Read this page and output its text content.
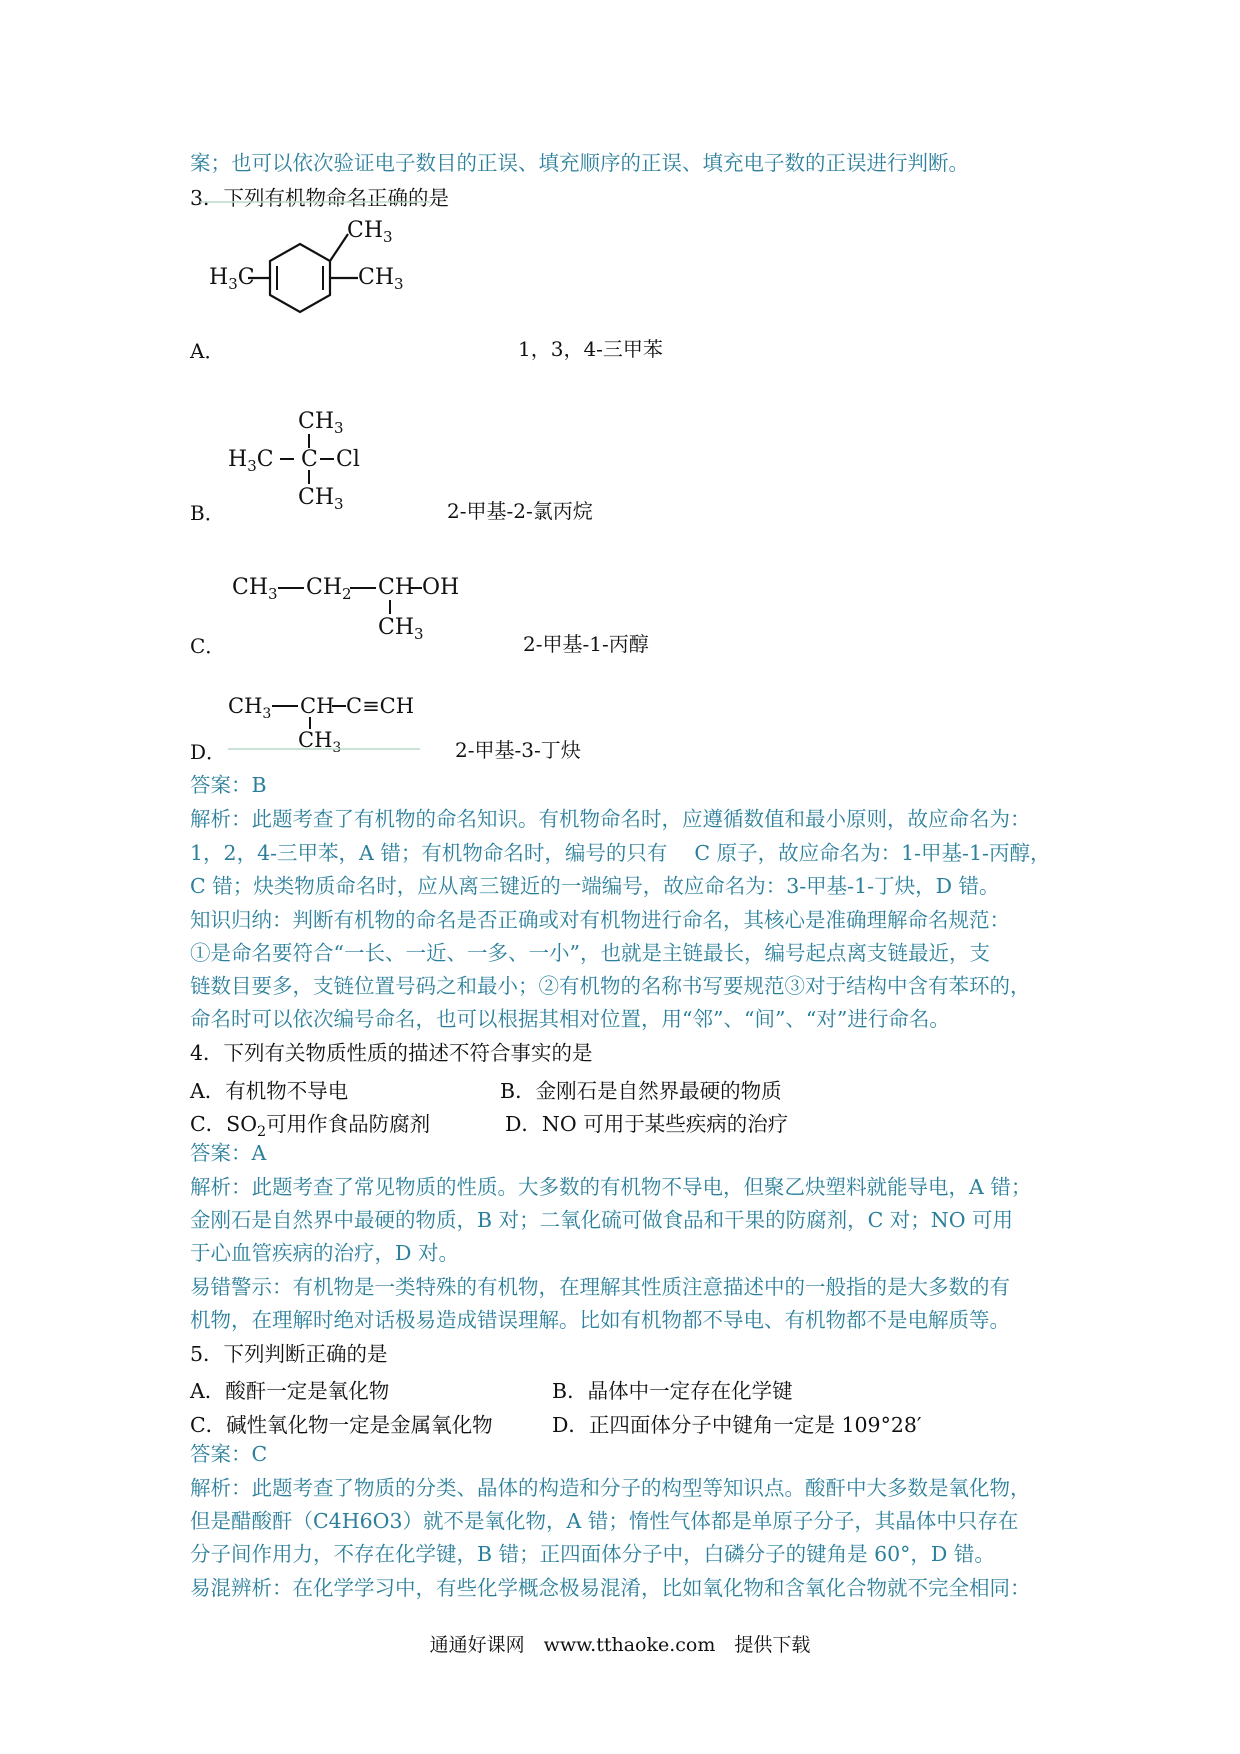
案；也可以依次验证电子数目的正误、填充顺序的正误、填充电子数的正误进行判断。
3．下列有机物命名正确的是
$CH_3$
$CH_3$
$H_3C$
A．	1，3，4-三甲苯
$CH_3$
$H_3C$ C Cl
$CH_3$
B．	2-甲基-2-氯丙烷
$CH_3$ $CH_2$ CH OH
$CH_3$
C．	2-甲基-1-丙醇
$CH_3$ CH C≡CH
$CH_3$
D．	2-甲基-3-丁炔
答案：B
解析：此题考查了有机物的命名知识。有机物命名时，应遵循数值和最小原则，故应命名为：
1，2，4-三甲苯，A 错；有机物命名时，编号的只有　 C 原子，故应命名为：1-甲基-1-丙醇，
C 错；炔类物质命名时，应从离三键近的一端编号，故应命名为：3-甲基-1-丁炔，D 错。
知识归纳：判断有机物的命名是否正确或对有机物进行命名，其核心是准确理解命名规范：
①是命名要符合“一长、一近、一多、一小”，也就是主链最长，编号起点离支链最近，支
链数目要多，支链位置号码之和最小；②有机物的名称书写要规范③对于结构中含有苯环的，
命名时可以依次编号命名，也可以根据其相对位置，用“邻”、“间”、“对”进行命名。
4．下列有关物质性质的描述不符合事实的是
A．有机物不导电	B．金刚石是自然界最硬的物质
C．$SO_2$可用作食品防腐剂	D．NO 可用于某些疾病的治疗
答案：A
解析：此题考查了常见物质的性质。大多数的有机物不导电，但聚乙炔塑料就能导电，A 错；
金刚石是自然界中最硬的物质，B 对；二氧化硫可做食品和干果的防腐剂，C 对；NO 可用
于心血管疾病的治疗，D 对。
易错警示：有机物是一类特殊的有机物，在理解其性质注意描述中的一般指的是大多数的有
机物，在理解时绝对话极易造成错误理解。比如有机物都不导电、有机物都不是电解质等。
5．下列判断正确的是
A．酸酐一定是氧化物	B．晶体中一定存在化学键
C．碱性氧化物一定是金属氧化物	D．正四面体分子中键角一定是 109°28′
答案：C
解析：此题考查了物质的分类、晶体的构造和分子的构型等知识点。酸酐中大多数是氧化物，
但是醋酸酐（C4H6O3）就不是氧化物，A 错；惰性气体都是单原子分子，其晶体中只存在
分子间作用力，不存在化学键，B 错；正四面体分子中，白磷分子的键角是 60°，D 错。
易混辨析：在化学学习中，有些化学概念极易混淆，比如氧化物和含氧化合物就不完全相同：
通通好课网　www.tthaoke.com　提供下载
